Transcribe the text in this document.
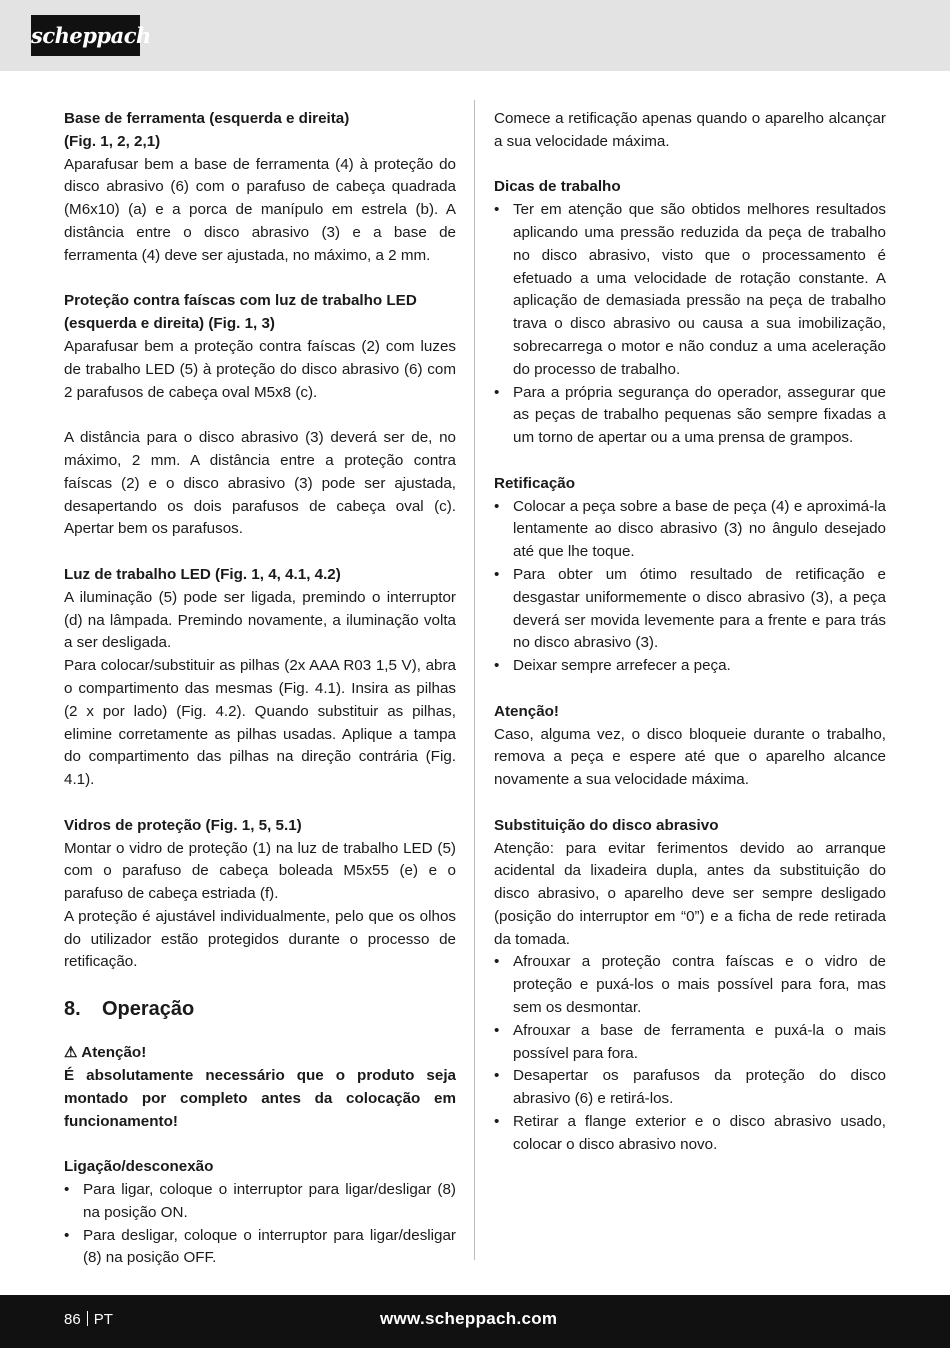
scheppach

Base de ferramenta (esquerda e direita)

(Fig. 1, 2, 2,1)

Aparafusar bem a base de ferramenta (4) à proteção do disco abrasivo (6) com o parafuso de cabeça quadrada (M6x10) (a) e a porca de manípulo em estrela (b). A distância entre o disco abrasivo (3) e a base de ferramenta (4) deve ser ajustada, no máximo, a 2 mm.

Proteção contra faíscas com luz de trabalho LED

(esquerda e direita) (Fig. 1, 3)

Aparafusar bem a proteção contra faíscas (2) com luzes de trabalho LED (5) à proteção do disco abrasivo (6) com 2 parafusos de cabeça oval M5x8 (c).

A distância para o disco abrasivo (3) deverá ser de, no máximo, 2 mm. A distância entre a proteção contra faíscas (2) e o disco abrasivo (3) pode ser ajustada, desapertando os dois parafusos de cabeça oval (c). Apertar bem os parafusos.

Luz de trabalho LED (Fig. 1, 4, 4.1, 4.2)

A iluminação (5) pode ser ligada, premindo o interruptor (d) na lâmpada. Premindo novamente, a iluminação volta a ser desligada.

Para colocar/substituir as pilhas (2x AAA R03 1,5 V), abra o compartimento das mesmas (Fig. 4.1). Insira as pilhas (2 x por lado) (Fig. 4.2). Quando substituir as pilhas, elimine corretamente as pilhas usadas. Aplique a tampa do compartimento das pilhas na direção contrária (Fig. 4.1).

Vidros de proteção (Fig. 1, 5, 5.1)

Montar o vidro de proteção (1) na luz de trabalho LED (5) com o parafuso de cabeça boleada M5x55 (e) e o parafuso de cabeça estriada (f).

A proteção é ajustável individualmente, pelo que os olhos do utilizador estão protegidos durante o processo de retificação.

8. Operação

⚠ Atenção!

É absolutamente necessário que o produto seja montado por completo antes da colocação em funcionamento!

Ligação/desconexão

• Para ligar, coloque o interruptor para ligar/desligar (8) na posição ON.
• Para desligar, coloque o interruptor para ligar/desligar (8) na posição OFF.

Comece a retificação apenas quando o aparelho alcançar a sua velocidade máxima.

Dicas de trabalho

• Ter em atenção que são obtidos melhores resultados aplicando uma pressão reduzida da peça de trabalho no disco abrasivo, visto que o processamento é efetuado a uma velocidade de rotação constante. A aplicação de demasiada pressão na peça de trabalho trava o disco abrasivo ou causa a sua imobilização, sobrecarrega o motor e não conduz a uma aceleração do processo de trabalho.
• Para a própria segurança do operador, assegurar que as peças de trabalho pequenas são sempre fixadas a um torno de apertar ou a uma prensa de grampos.

Retificação

• Colocar a peça sobre a base de peça (4) e aproximá-la lentamente ao disco abrasivo (3) no ângulo desejado até que lhe toque.
• Para obter um ótimo resultado de retificação e desgastar uniformemente o disco abrasivo (3), a peça deverá ser movida levemente para a frente e para trás no disco abrasivo (3).
• Deixar sempre arrefecer a peça.

Atenção!

Caso, alguma vez, o disco bloqueie durante o trabalho, remova a peça e espere até que o aparelho alcance novamente a sua velocidade máxima.

Substituição do disco abrasivo

Atenção: para evitar ferimentos devido ao arranque acidental da lixadeira dupla, antes da substituição do disco abrasivo, o aparelho deve ser sempre desligado (posição do interruptor em “0”) e a ficha de rede retirada da tomada.

• Afrouxar a proteção contra faíscas e o vidro de proteção e puxá-los o mais possível para fora, mas sem os desmontar.
• Afrouxar a base de ferramenta e puxá-la o mais possível para fora.
• Desapertar os parafusos da proteção do disco abrasivo (6) e retirá-los.
• Retirar a flange exterior e o disco abrasivo usado, colocar o disco abrasivo novo.
86 PT	www.scheppach.com
